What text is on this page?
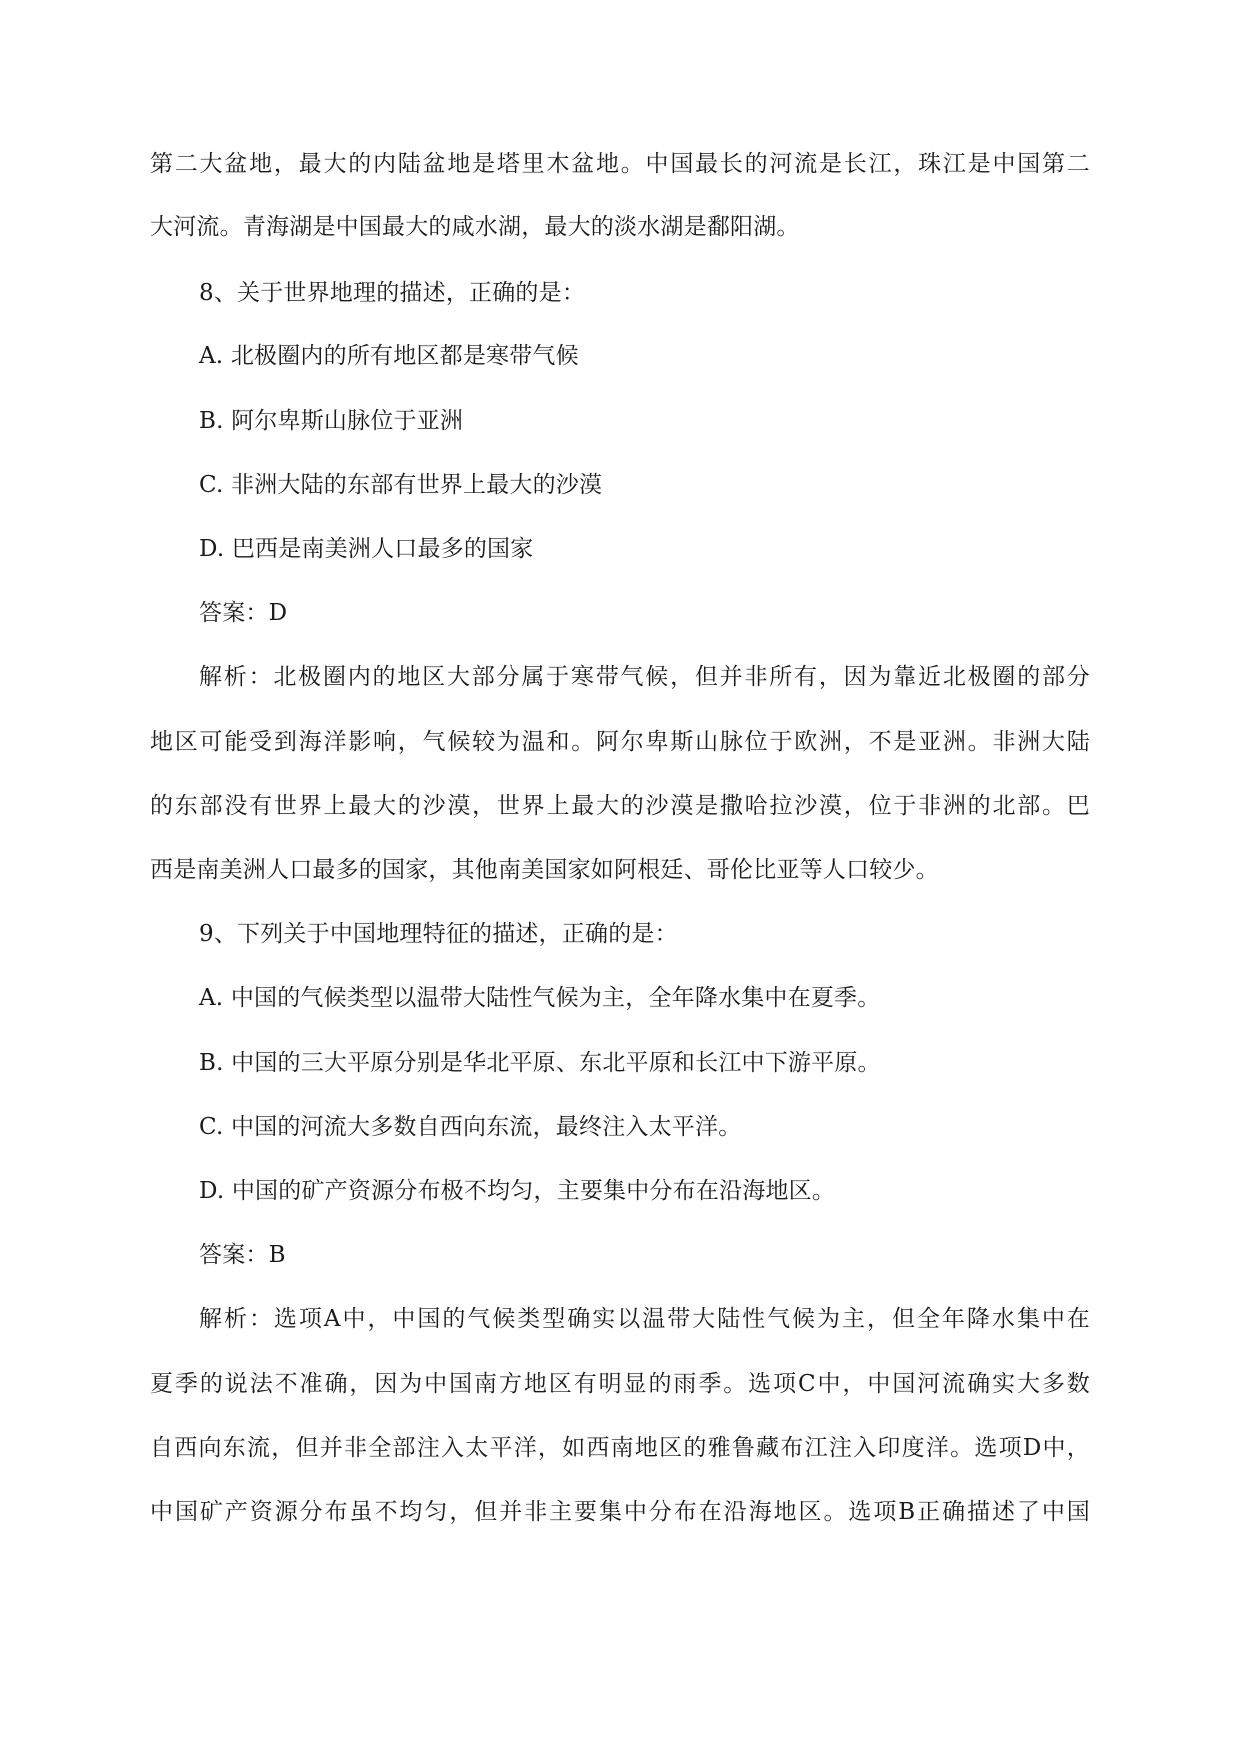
第二大盆地，最大的内陆盆地是塔里木盆地。中国最长的河流是长江，珠江是中国第二
大河流。青海湖是中国最大的咸水湖，最大的淡水湖是鄱阳湖。
8、关于世界地理的描述，正确的是：
A. 北极圈内的所有地区都是寒带气候
B. 阿尔卑斯山脉位于亚洲
C. 非洲大陆的东部有世界上最大的沙漠
D. 巴西是南美洲人口最多的国家
答案：D
解析：北极圈内的地区大部分属于寒带气候，但并非所有，因为靠近北极圈的部分
地区可能受到海洋影响，气候较为温和。阿尔卑斯山脉位于欧洲，不是亚洲。非洲大陆
的东部没有世界上最大的沙漠，世界上最大的沙漠是撒哈拉沙漠，位于非洲的北部。巴
西是南美洲人口最多的国家，其他南美国家如阿根廷、哥伦比亚等人口较少。
9、下列关于中国地理特征的描述，正确的是：
A. 中国的气候类型以温带大陆性气候为主，全年降水集中在夏季。
B. 中国的三大平原分别是华北平原、东北平原和长江中下游平原。
C. 中国的河流大多数自西向东流，最终注入太平洋。
D. 中国的矿产资源分布极不均匀，主要集中分布在沿海地区。
答案：B
解析：选项A中，中国的气候类型确实以温带大陆性气候为主，但全年降水集中在
夏季的说法不准确，因为中国南方地区有明显的雨季。选项C中，中国河流确实大多数
自西向东流，但并非全部注入太平洋，如西南地区的雅鲁藏布江注入印度洋。选项D中，
中国矿产资源分布虽不均匀，但并非主要集中分布在沿海地区。选项B正确描述了中国
